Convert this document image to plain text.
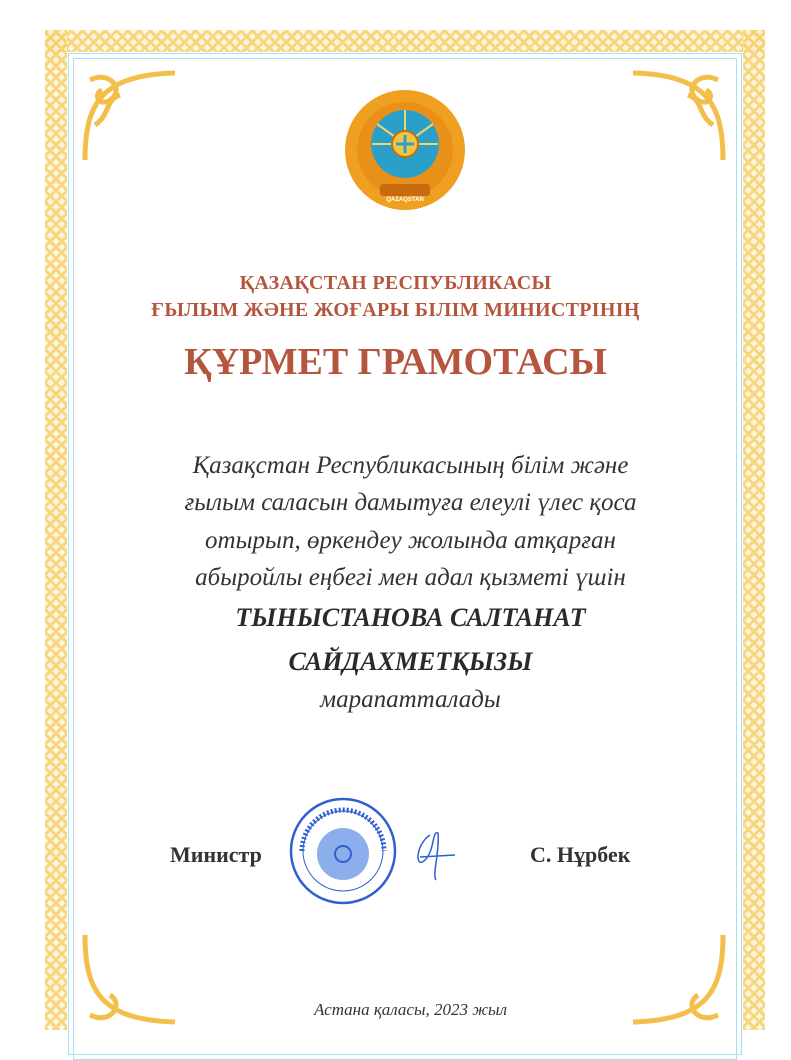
QAZAQSTAN
ҚАЗАҚСТАН РЕСПУБЛИКАСЫ
ҒЫЛЫМ ЖӘНЕ ЖОҒАРЫ БІЛІМ МИНИСТРІНІҢ
ҚҰРМЕТ ГРАМОТАСЫ
Қазақстан Республикасының білім және
ғылым саласын дамытуға елеулі үлес қоса
отырып, өркендеу жолында атқарған
абыройлы еңбегі мен адал қызметі үшін
ТЫНЫСТАНОВА САЛТАНАТ
САЙДАХМЕТҚЫЗЫ
марапатталады
Министр	С. Нұрбек
Астана қаласы, 2023 жыл
